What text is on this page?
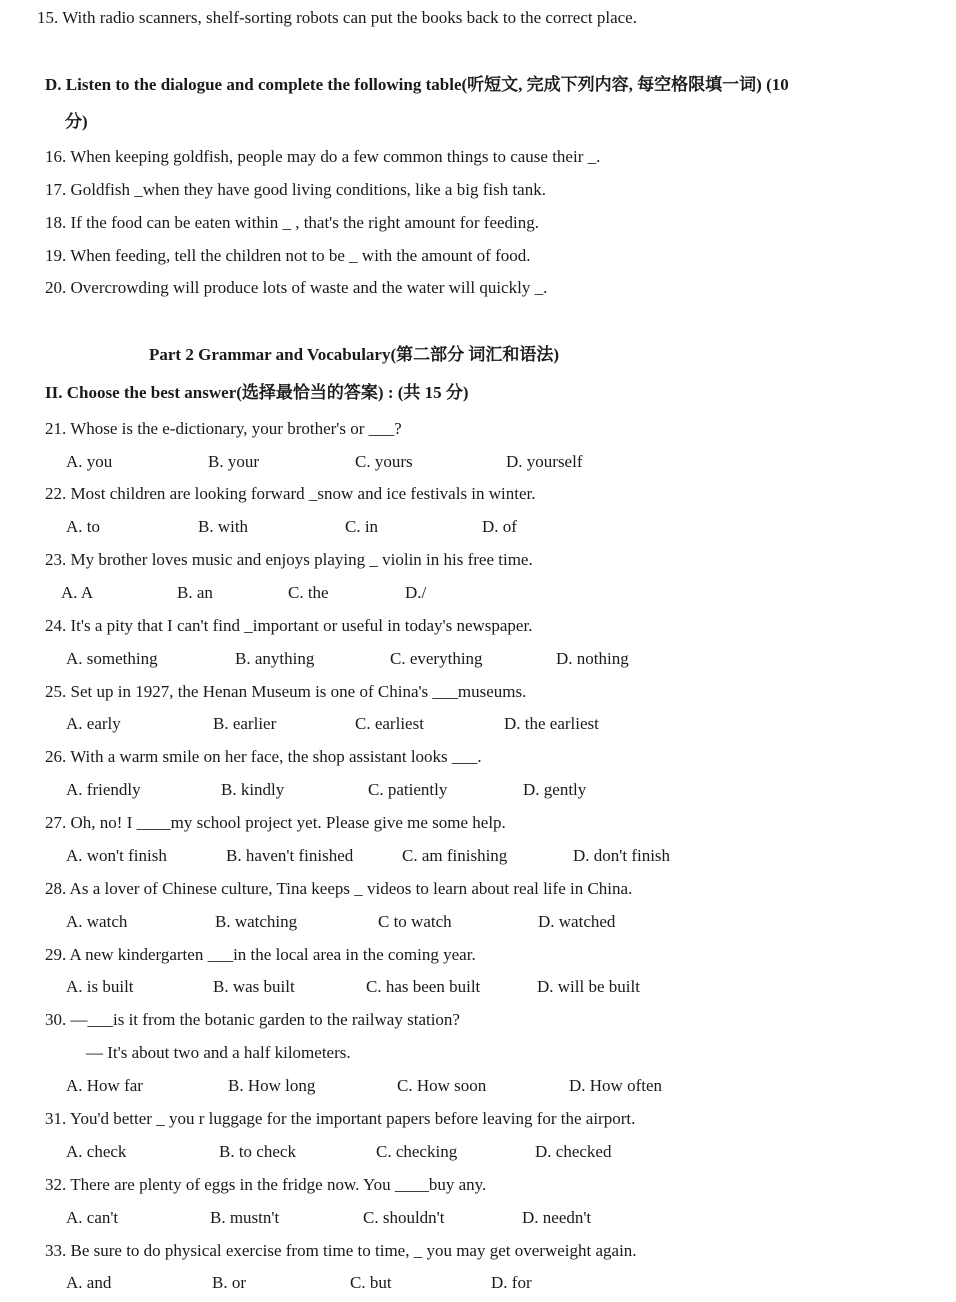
15. With radio scanners, shelf-sorting robots can put the books back to the correct place.
D. Listen to the dialogue and complete the following table(听短文, 完成下列内容, 每空格限填一词) (10
分)
16. When keeping goldfish, people may do a few common things to cause their _.
17. Goldfish _when they have good living conditions, like a big fish tank.
18. If the food can be eaten within _ , that's the right amount for feeding.
19. When feeding, tell the children not to be _ with the amount of food.
20. Overcrowding will produce lots of waste and the water will quickly _.
Part 2 Grammar and Vocabulary(第二部分 词汇和语法)
II. Choose the best answer(选择最恰当的答案) : (共 15 分)
21. Whose is the e-dictionary, your brother's or ___?
A. you	B. your	C. yours	D. yourself
22. Most children are looking forward _snow and ice festivals in winter.
A. to	B. with	C. in	D. of
23. My brother loves music and enjoys playing _ violin in his free time.
A. A	B. an	C. the	D./
24. It's a pity that I can't find _important or useful in today's newspaper.
A. something	B. anything	C. everything	D. nothing
25. Set up in 1927, the Henan Museum is one of China's ___museums.
A. early	B. earlier	C. earliest	D. the earliest
26. With a warm smile on her face, the shop assistant looks ___.
A. friendly	B. kindly	C. patiently	D. gently
27. Oh, no! I ____my school project yet. Please give me some help.
A. won't finish	B. haven't finished	C. am finishing	D. don't finish
28. As a lover of Chinese culture, Tina keeps _ videos to learn about real life in China.
A. watch	B. watching	C to watch	D. watched
29. A new kindergarten ___in the local area in the coming year.
A. is built	B. was built	C. has been built	D. will be built
30. —___is it from the botanic garden to the railway station?
— It's about two and a half kilometers.
A. How far	B. How long	C. How soon	D. How often
31. You'd better _ you r luggage for the important papers before leaving for the airport.
A. check	B. to check	C. checking	D. checked
32. There are plenty of eggs in the fridge now. You ____buy any.
A. can't	B. mustn't	C. shouldn't	D. needn't
33. Be sure to do physical exercise from time to time, _ you may get overweight again.
A. and	B. or	C. but	D. for
